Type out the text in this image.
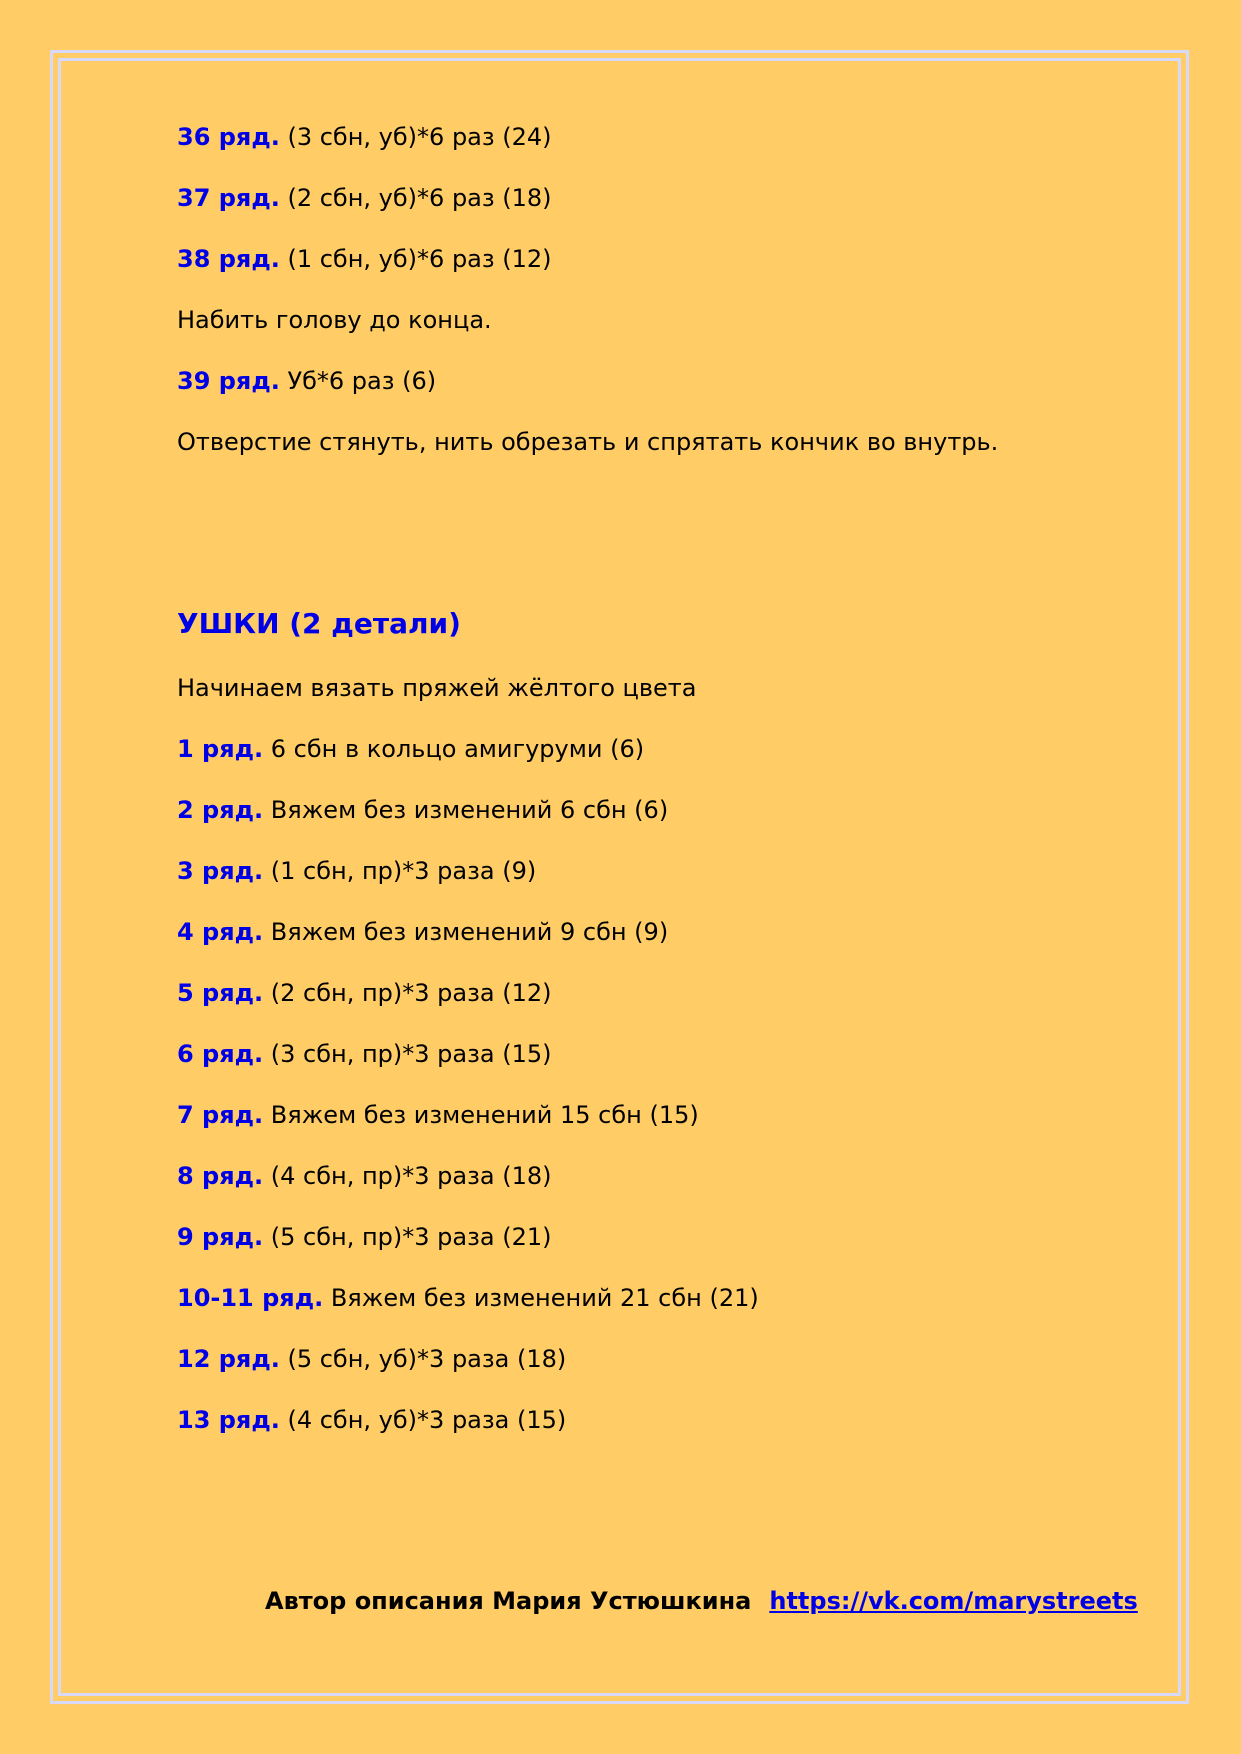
36 ряд. (3 сбн, уб)*6 раз (24)
37 ряд. (2 сбн, уб)*6 раз (18)
38 ряд. (1 сбн, уб)*6 раз (12)
Набить голову до конца.
39 ряд. Уб*6 раз (6)
Отверстие стянуть, нить обрезать и спрятать кончик во внутрь.
УШКИ (2 детали)
Начинаем вязать пряжей жёлтого цвета
1 ряд. 6 сбн в кольцо амигуруми (6)
2 ряд. Вяжем без изменений 6 сбн (6)
3 ряд. (1 сбн, пр)*3 раза (9)
4 ряд. Вяжем без изменений 9 сбн (9)
5 ряд. (2 сбн, пр)*3 раза (12)
6 ряд. (3 сбн, пр)*3 раза (15)
7 ряд. Вяжем без изменений 15 сбн (15)
8 ряд. (4 сбн, пр)*3 раза (18)
9 ряд. (5 сбн, пр)*3 раза (21)
10-11 ряд. Вяжем без изменений 21 сбн (21)
12 ряд. (5 сбн, уб)*3 раза (18)
13 ряд. (4 сбн, уб)*3 раза (15)
Автор описания Мария Устюшкина https://vk.com/marystreets
